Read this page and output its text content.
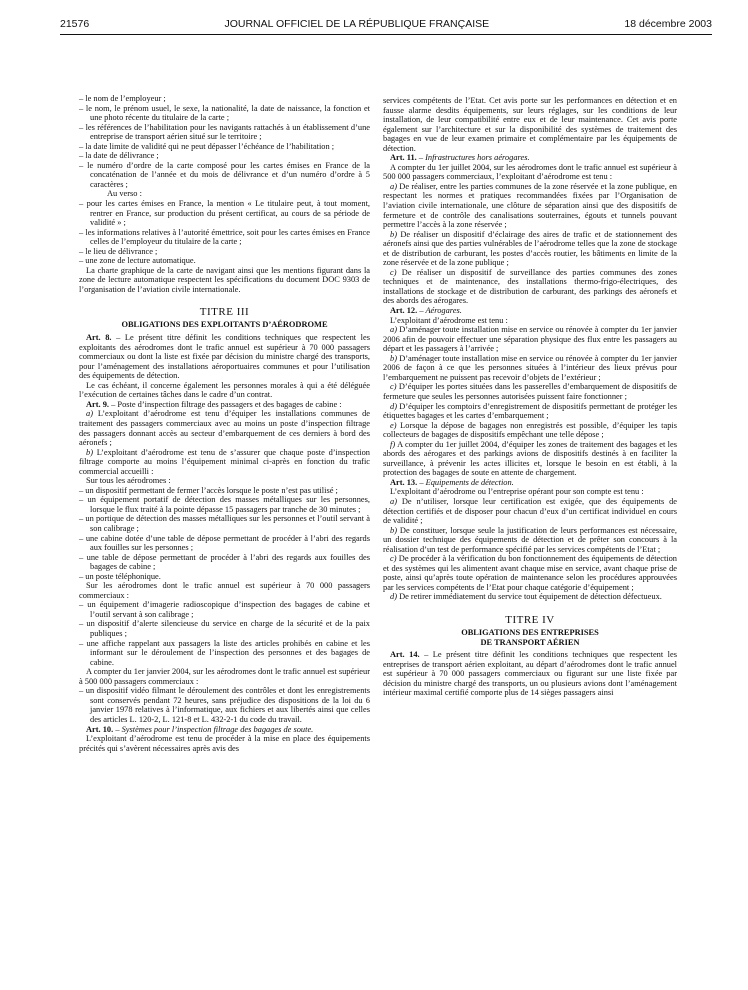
21576	JOURNAL OFFICIEL DE LA RÉPUBLIQUE FRANÇAISE	18 décembre 2003

– le nom de l’employeur ;

– le nom, le prénom usuel, le sexe, la nationalité, la date de naissance, la fonction et une photo récente du titulaire de la carte ;

– les références de l’habilitation pour les navigants rattachés à un établissement d’une entreprise de transport aérien situé sur le territoire ;

– la date limite de validité qui ne peut dépasser l’échéance de l’habilitation ;

– la date de délivrance ;

– le numéro d’ordre de la carte composé pour les cartes émises en France de la concaténation de l’année et du mois de délivrance et d’un numéro d’ordre à 5 caractères ;

Au verso :

– pour les cartes émises en France, la mention « Le titulaire peut, à tout moment, rentrer en France, sur production du présent certificat, au cours de sa période de validité » ;

– les informations relatives à l’autorité émettrice, soit pour les cartes émises en France celles de l’employeur du titulaire de la carte ;

– le lieu de délivrance ;

– une zone de lecture automatique.

La charte graphique de la carte de navigant ainsi que les mentions figurant dans la zone de lecture automatique respectent les spécifications du document DOC 9303 de l’organisation de l’aviation civile internationale.

TITRE III
OBLIGATIONS DES EXPLOITANTS D’AÉRODROME

Art. 8. – Le présent titre définit les conditions techniques que respectent les exploitants des aérodromes dont le trafic annuel est supérieur à 70 000 passagers commerciaux ou dont la liste est fixée par décision du ministre chargé des transports, pour l’aménagement des installations aéroportuaires communes et pour l’utilisation des équipements de détection.

Le cas échéant, il concerne également les personnes morales à qui a été déléguée l’exécution de certaines tâches dans le cadre d’un contrat.

Art. 9. – Poste d’inspection filtrage des passagers et des bagages de cabine :

a) L’exploitant d’aérodrome est tenu d’équiper les installations communes de traitement des passagers commerciaux avec au moins un poste d’inspection filtrage des passagers donnant accès au secteur d’embarquement de ces derniers à bord des aéronefs ;

b) L’exploitant d’aérodrome est tenu de s’assurer que chaque poste d’inspection filtrage comporte au moins l’équipement minimal ci-après en fonction du trafic commercial accueilli :

Sur tous les aérodromes :

– un dispositif permettant de fermer l’accès lorsque le poste n’est pas utilisé ;

– un équipement portatif de détection des masses métalliques sur les personnes, lorsque le flux traité à la pointe dépasse 15 passagers par tranche de 30 minutes ;

– un portique de détection des masses métalliques sur les personnes et l’outil servant à son calibrage ;

– une cabine dotée d’une table de dépose permettant de procéder à l’abri des regards aux fouilles sur les personnes ;

– une table de dépose permettant de procéder à l’abri des regards aux fouilles des bagages de cabine ;

– un poste téléphonique.

Sur les aérodromes dont le trafic annuel est supérieur à 70 000 passagers commerciaux :

– un équipement d’imagerie radioscopique d’inspection des bagages de cabine et l’outil servant à son calibrage ;

– un dispositif d’alerte silencieuse du service en charge de la sécurité et de la paix publiques ;

– une affiche rappelant aux passagers la liste des articles prohibés en cabine et les informant sur le déroulement de l’inspection des personnes et des bagages de cabine.

A compter du 1er janvier 2004, sur les aérodromes dont le trafic annuel est supérieur à 500 000 passagers commerciaux :

– un dispositif vidéo filmant le déroulement des contrôles et dont les enregistrements sont conservés pendant 72 heures, sans préjudice des dispositions de la loi du 6 janvier 1978 relatives à l’informatique, aux fichiers et aux libertés ainsi que celles des articles L. 120-2, L. 121-8 et L. 432-2-1 du code du travail.

Art. 10. – Systèmes pour l’inspection filtrage des bagages de soute.

L’exploitant d’aérodrome est tenu de procéder à la mise en place des équipements précités qui s’avèrent nécessaires après avis des

services compétents de l’Etat. Cet avis porte sur les performances en détection et en fausse alarme desdits équipements, sur leurs réglages, sur les conditions de leur installation, de leur compatibilité entre eux et de leur maintenance. Cet avis porte également sur l’architecture et sur la disponibilité des systèmes de traitement des bagages en vue de leur examen primaire et complémentaire par les équipements de détection.

Art. 11. – Infrastructures hors aérogares.

A compter du 1er juillet 2004, sur les aérodromes dont le trafic annuel est supérieur à 500 000 passagers commerciaux, l’exploitant d’aérodrome est tenu :

a) De réaliser, entre les parties communes de la zone réservée et la zone publique, en respectant les normes et pratiques recommandées fixées par l’Organisation de l’aviation civile internationale, une clôture de séparation ainsi que des dispositifs de fermeture et de contrôle des canalisations souterraines, égouts et tunnels pouvant permettre l’accès à la zone réservée ;

b) De réaliser un dispositif d’éclairage des aires de trafic et de stationnement des aéronefs ainsi que des parties vulnérables de l’aérodrome telles que la zone de stockage et de distribution de carburant, les postes d’accès routier, les bâtiments en limite de la zone réservée et de la zone publique ;

c) De réaliser un dispositif de surveillance des parties communes des zones techniques et de maintenance, des installations thermo-frigo-électriques, des installations de stockage et de distribution de carburant, des parkings des aéronefs et des abords des aérogares.

Art. 12. – Aérogares.

L’exploitant d’aérodrome est tenu :

a) D’aménager toute installation mise en service ou rénovée à compter du 1er janvier 2006 afin de pouvoir effectuer une séparation physique des flux entre les passagers au départ et les passagers à l’arrivée ;

b) D’aménager toute installation mise en service ou rénovée à compter du 1er janvier 2006 de façon à ce que les personnes situées à l’intérieur des lieux prévus pour l’embarquement ne puissent pas recevoir d’objets de l’extérieur ;

c) D’équiper les portes situées dans les passerelles d’embarquement de dispositifs de fermeture que seules les personnes autorisées puissent faire fonctionner ;

d) D’équiper les comptoirs d’enregistrement de dispositifs permettant de protéger les étiquettes bagages et les cartes d’embarquement ;

e) Lorsque la dépose de bagages non enregistrés est possible, d’équiper les tapis collecteurs de bagages de dispositifs empêchant une telle dépose ;

f) A compter du 1er juillet 2004, d’équiper les zones de traitement des bagages et les abords des aérogares et des parkings avions de dispositifs destinés à en faciliter la surveillance, à prévenir les actes illicites et, lorsque le besoin en est établi, à la protection des bagages de soute en attente de chargement.

Art. 13. – Equipements de détection.

L’exploitant d’aérodrome ou l’entreprise opérant pour son compte est tenu :

a) De n’utiliser, lorsque leur certification est exigée, que des équipements de détection certifiés et de disposer pour chacun d’eux d’un certificat individuel en cours de validité ;

b) De constituer, lorsque seule la justification de leurs performances est nécessaire, un dossier technique des équipements de détection et de prêter son concours à la réalisation d’un test de performance spécifié par les services compétents de l’Etat ;

c) De procéder à la vérification du bon fonctionnement des équipements de détection et des systèmes qui les alimentent avant chaque mise en service, avant chaque prise de poste, ainsi qu’après toute opération de maintenance selon les procédures approuvées par les services compétents de l’Etat pour chaque catégorie d’équipement ;

d) De retirer immédiatement du service tout équipement de détection défectueux.

TITRE IV
OBLIGATIONS DES ENTREPRISES
DE TRANSPORT AÉRIEN

Art. 14. – Le présent titre définit les conditions techniques que respectent les entreprises de transport aérien exploitant, au départ d’aérodromes dont le trafic annuel est supérieur à 70 000 passagers commerciaux ou figurant sur une liste fixée par décision du ministre chargé des transports, un ou plusieurs avions dont l’aménagement intérieur maximal certifié comporte plus de 14 sièges passagers ainsi
